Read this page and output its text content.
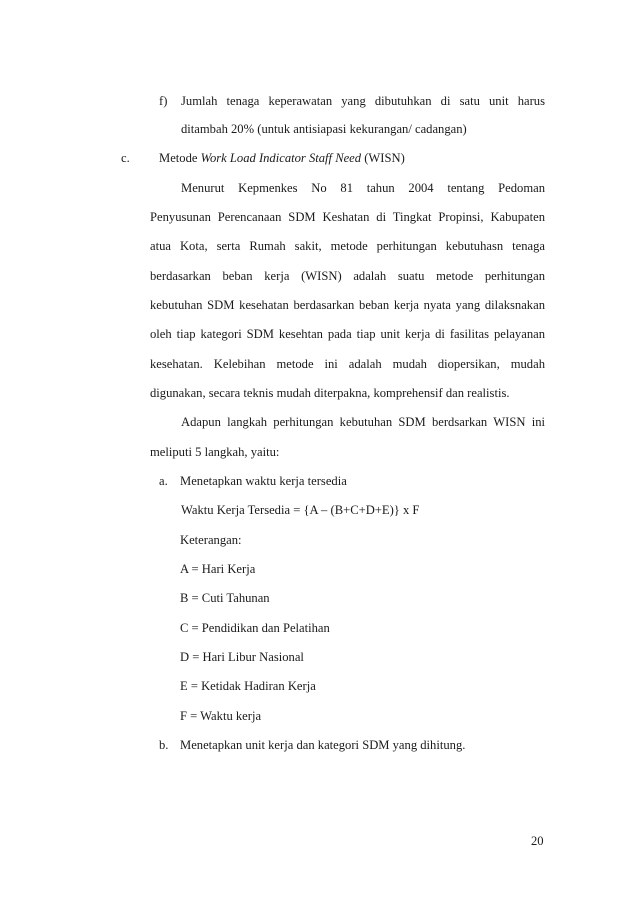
f) Jumlah tenaga keperawatan yang dibutuhkan di satu unit harus
ditambah 20% (untuk antisiapasi kekurangan/ cadangan)
c. Metode Work Load Indicator Staff Need (WISN)
Menurut Kepmenkes No 81 tahun 2004 tentang Pedoman
Penyusunan Perencanaan SDM Keshatan di Tingkat Propinsi, Kabupaten
atua Kota, serta Rumah sakit, metode perhitungan kebutuhasn tenaga
berdasarkan beban kerja (WISN) adalah suatu metode perhitungan
kebutuhan SDM kesehatan berdasarkan beban kerja nyata yang dilaksnakan
oleh tiap kategori SDM kesehtan pada tiap unit kerja di fasilitas pelayanan
kesehatan. Kelebihan metode ini adalah mudah diopersikan, mudah
digunakan, secara teknis mudah diterpakna, komprehensif dan realistis.
Adapun langkah perhitungan kebutuhan SDM berdsarkan WISN ini
meliputi 5 langkah, yaitu:
a. Menetapkan waktu kerja tersedia
Waktu Kerja Tersedia = {A – (B+C+D+E)} x F
Keterangan:
A = Hari Kerja
B = Cuti Tahunan
C = Pendidikan dan Pelatihan
D = Hari Libur Nasional
E = Ketidak Hadiran Kerja
F = Waktu kerja
b. Menetapkan unit kerja dan kategori SDM yang dihitung.
20
